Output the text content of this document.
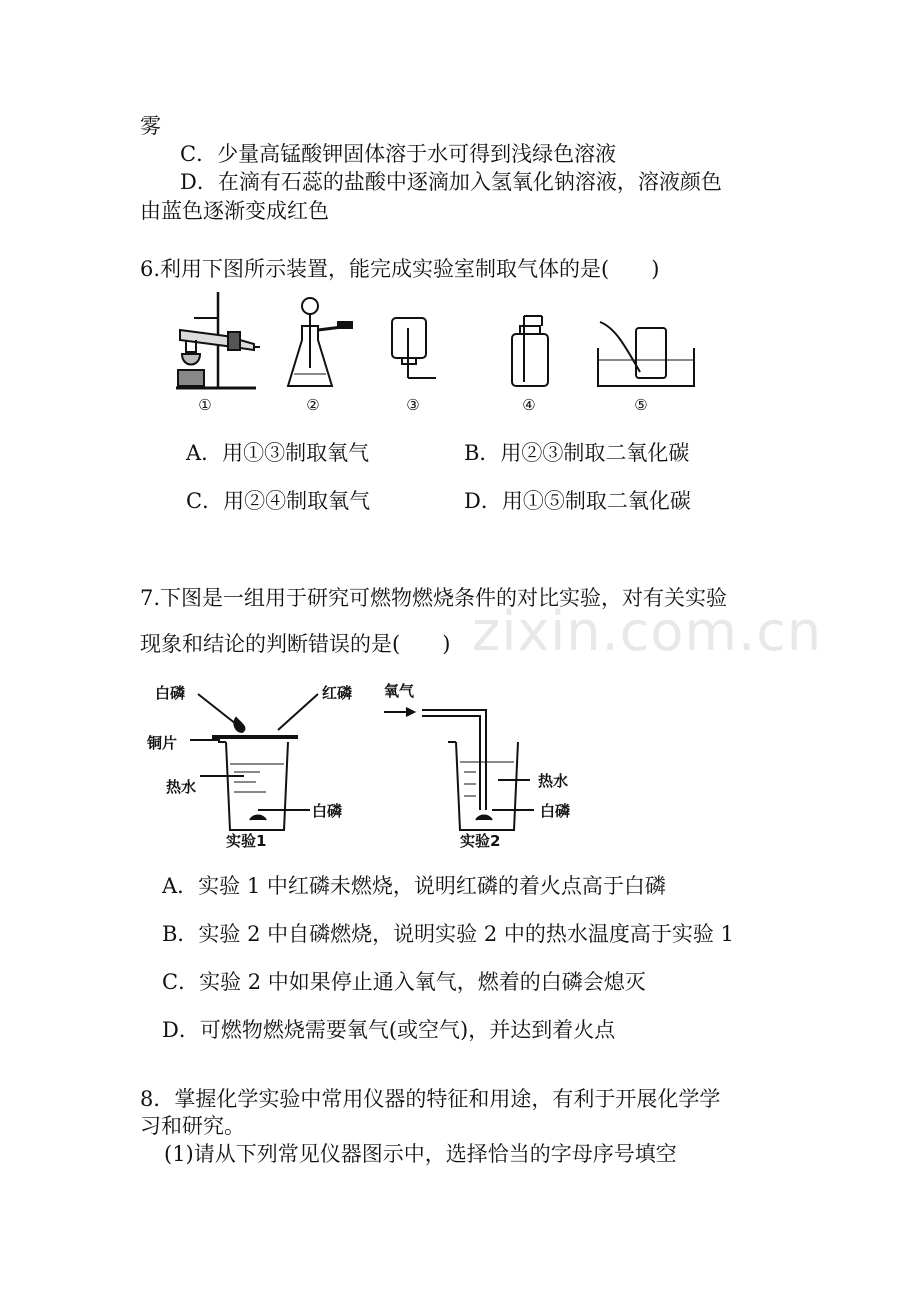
zixin.com.cn
雾
C．少量高锰酸钾固体溶于水可得到浅绿色溶液
D．在滴有石蕊的盐酸中逐滴加入氢氧化钠溶液，溶液颜色
由蓝色逐渐变成红色
6.利用下图所示装置，能完成实验室制取气体的是(　　)
①	②	③	④	⑤
A．用①③制取氧气	B．用②③制取二氧化碳
C．用②④制取氧气	D．用①⑤制取二氧化碳
7.下图是一组用于研究可燃物燃烧条件的对比实验，对有关实验
现象和结论的判断错误的是(　　)
白磷	红磷
铜片
热水
白磷
实验1
氧气
热水
白磷
实验2
A．实验 1 中红磷未燃烧，说明红磷的着火点高于白磷
B．实验 2 中自磷燃烧，说明实验 2 中的热水温度高于实验 1
C．实验 2 中如果停止通入氧气，燃着的白磷会熄灭
D．可燃物燃烧需要氧气(或空气)，并达到着火点
8．掌握化学实验中常用仪器的特征和用途，有利于开展化学学
习和研究。
(1)请从下列常见仪器图示中，选择恰当的字母序号填空
